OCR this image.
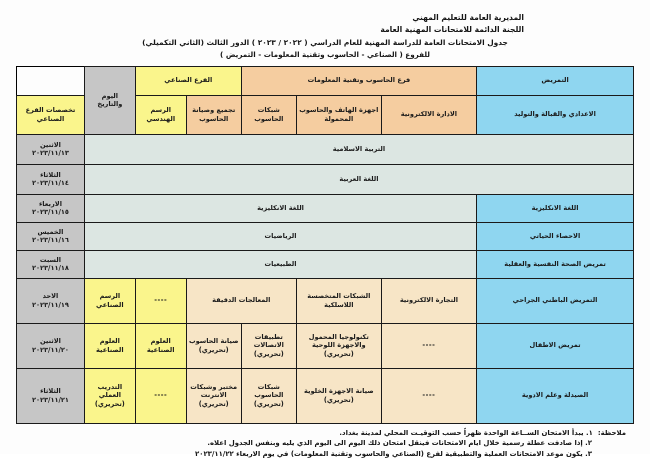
المديرية العامة للتعليم المهني
اللجنة الدائمة للامتحانات المهنية العامة
جدول الامتحانات العامة للدراسة المهنية للعام الدراسي ( ٢٠٢٢ / ٢٠٢٣ ) الدور الثالث (الثاني التكميلي)
للفروع ( الصناعي - الحاسوب وتقنية المعلومات - التمريض )
التمريض	فرع الحاسوب وتقنية المعلومات			الفرع الصناعي		اليوم
والتاريخ	

الاعدادي والقبالة والتوليد	الادارة الالكترونية	اجهزة الهاتف والحاسوب المحمولة	شبكات الحاسوب	تجميع وصيانة الحاسوب	الرسم الهندسي		تخصصات الفرع الصناعي
التربية الاسلامية							الاثنين
٢٠٢٣/١١/١٣

اللغة العربية							الثلاثاء
٢٠٢٣/١١/١٤

اللغة الانكليزية	اللغة الانكليزية						الاربعاء
٢٠٢٣/١١/١٥

الاحصاء الحياتي	الرياضيات						الخميس
٢٠٢٣/١١/١٦

تمريض الصحة النفسية والعقلية	الطبيعيات						السبت
٢٠٢٣/١١/١٨

التمريض الباطني الجراحي	التجارة الالكترونية	الشبكات المتخصسة اللاسلكية	المعالجات الدقيقة		----	الرسم الصناعي	الاحد
٢٠٢٣/١١/١٩

تمريض الاطفال	----	تكنولوجيا المحمول والاجهزة اللوحية (تحريري)	تطبيقات الاتصالات (تحريري)	صيانة الحاسوب (تحريري)	العلوم الصناعية	العلوم الصناعية	الاثنين
٢٠٢٣/١١/٢٠

الصيدلة وعلم الادوية	----	صيانة الاجهزة الخلوية (تحريري)	شبكات الحاسوب (تحريري)	مختبر وشبكات الانترنت (تحريري)	----	التدريب العملي (تحريري)	الثلاثاء
٢٠٢٣/١١/٢١
ملاحظة:
١. يبدأ الامتحان الســاعة الواحدة ظهراً حسب التوقيـت المحلي لمدينة بغداد.
٢. إذا صادفت عطلة رسمية خلال ايام الامتحانات فينقل امتحان ذلك اليوم الى اليوم الذي يليه وبنفس الجدول اعلاه.
٣. يكون موعد الامتحانات العملية والتطبيقية لفرع (الصناعي والحاسوب وتقنية المعلومات) في يوم الاربعاء ٢٠٢٣/١١/٢٢
